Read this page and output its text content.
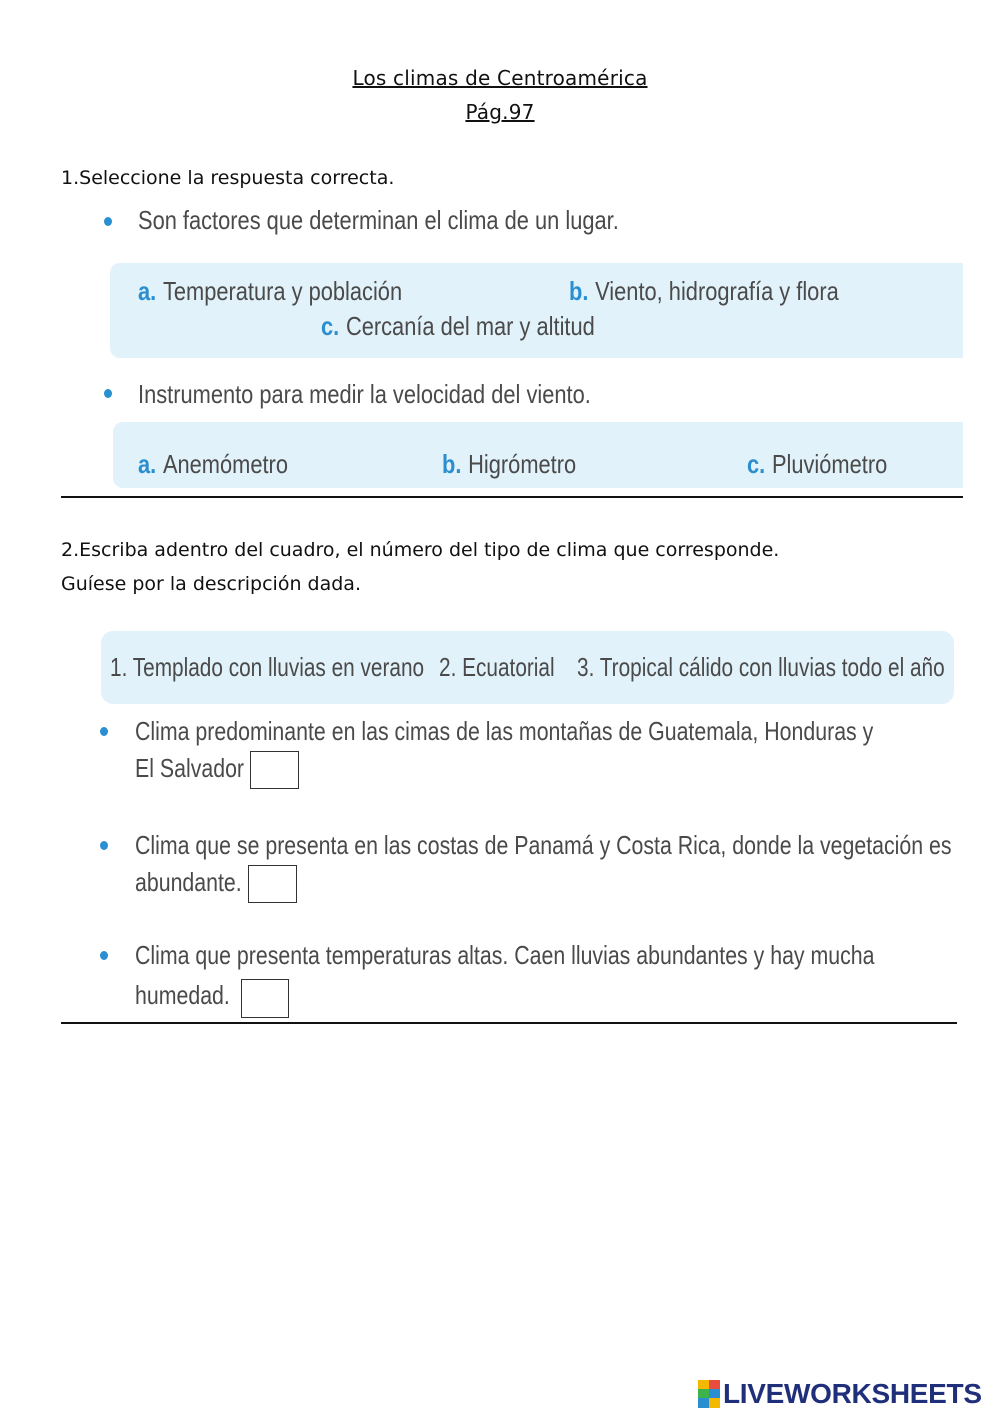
Los climas de Centroamérica
Pág.97
1.Seleccione la respuesta correcta.
Son factores que determinan el clima de un lugar.
a. Temperatura y población	b. Viento, hidrografía y flora
c. Cercanía del mar y altitud
Instrumento para medir la velocidad del viento.
a. Anemómetro	b. Higrómetro	c. Pluviómetro
2.Escriba adentro del cuadro, el número del tipo de clima que corresponde.
Guíese por la descripción dada.
1. Templado con lluvias en verano 2. Ecuatorial 3. Tropical cálido con lluvias todo el año
Clima predominante en las cimas de las montañas de Guatemala, Honduras y
El Salvador
Clima que se presenta en las costas de Panamá y Costa Rica, donde la vegetación es
abundante.
Clima que presenta temperaturas altas. Caen lluvias abundantes y hay mucha
humedad.
LIVEWORKSHEETS
